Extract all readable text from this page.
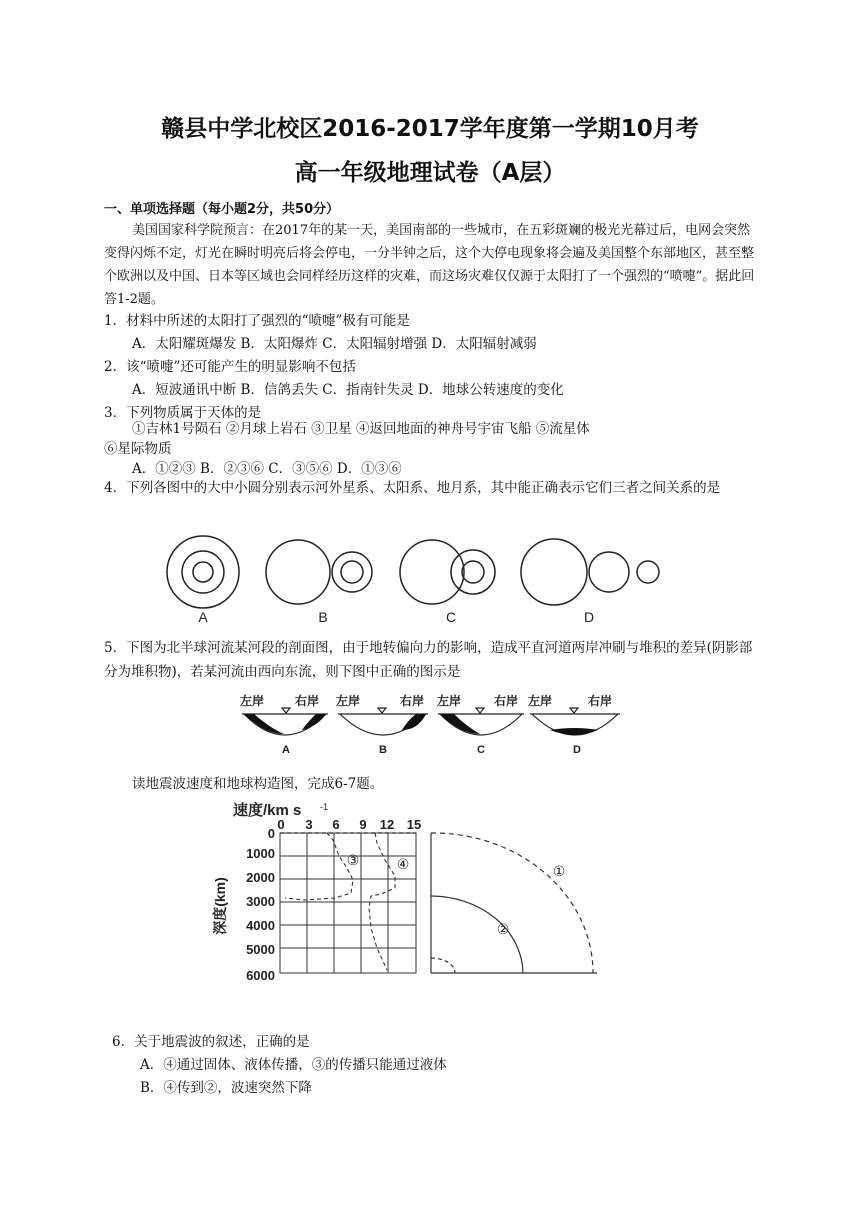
赣县中学北校区2016-2017学年度第一学期10月考
高一年级地理试卷（A层）
一、单项选择题（每小题2分，共50分）
美国国家科学院预言：在2017年的某一天，美国南部的一些城市，在五彩斑斓的极光光幕过后，电网会突然变得闪烁不定，灯光在瞬时明亮后将会停电，一分半钟之后，这个大停电现象将会遍及美国整个东部地区，甚至整个欧洲以及中国、日本等区域也会同样经历这样的灾难，而这场灾难仅仅源于太阳打了一个强烈的“喷嚏”。据此回答1-2题。
1．材料中所述的太阳打了强烈的“喷嚏”极有可能是
A．太阳耀斑爆发 B．太阳爆炸 C．太阳辐射增强 D．太阳辐射减弱
2．该“喷嚏”还可能产生的明显影响不包括
A．短波通讯中断 B．信鸽丢失 C．指南针失灵 D．地球公转速度的变化
3．下列物质属于天体的是
①吉林1号陨石 ②月球上岩石 ③卫星 ④返回地面的神舟号宇宙飞船 ⑤流星体
⑥星际物质
A．①②③ B．②③⑥ C．③⑤⑥ D．①③⑥
4．下列各图中的大中小圆分别表示河外星系、太阳系、地月系，其中能正确表示它们三者之间关系的是
A	B	C	D
5．下图为北半球河流某河段的剖面图，由于地转偏向力的影响，造成平直河道两岸冲刷与堆积的差异(阴影部分为堆积物)，若某河流由西向东流，则下图中正确的图示是
左岸	右岸 左岸	右岸 左岸	右岸 左岸	右岸
A	B	C	D
读地震波速度和地球构造图，完成6-7题。
速度/km s -1
0 3 6 9 12 15
0
1000
2000
3000
4000
5000
6000
深度(km)
③	④	①
②
6．关于地震波的叙述，正确的是
A．④通过固体、液体传播，③的传播只能通过液体
B．④传到②，波速突然下降
